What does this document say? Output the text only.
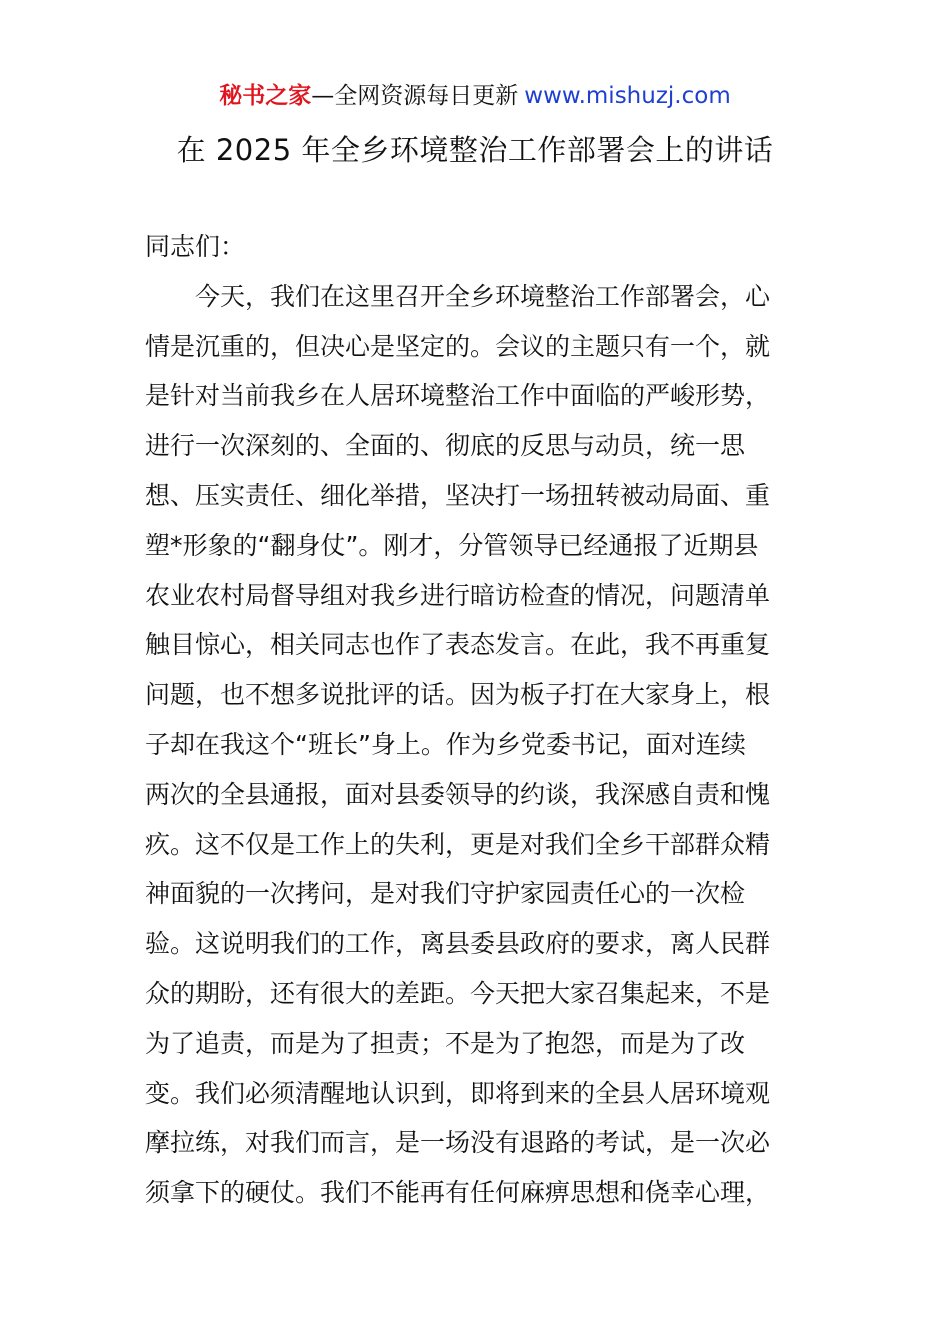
秘书之家—全网资源每日更新 www.mishuzj.com
在 2025 年全乡环境整治工作部署会上的讲话
同志们：
　　今天，我们在这里召开全乡环境整治工作部署会，心
情是沉重的，但决心是坚定的。会议的主题只有一个，就
是针对当前我乡在人居环境整治工作中面临的严峻形势，
进行一次深刻的、全面的、彻底的反思与动员，统一思
想、压实责任、细化举措，坚决打一场扭转被动局面、重
塑*形象的“翻身仗”。刚才，分管领导已经通报了近期县
农业农村局督导组对我乡进行暗访检查的情况，问题清单
触目惊心，相关同志也作了表态发言。在此，我不再重复
问题，也不想多说批评的话。因为板子打在大家身上，根
子却在我这个“班长”身上。作为乡党委书记，面对连续
两次的全县通报，面对县委领导的约谈，我深感自责和愧
疚。这不仅是工作上的失利，更是对我们全乡干部群众精
神面貌的一次拷问，是对我们守护家园责任心的一次检
验。这说明我们的工作，离县委县政府的要求，离人民群
众的期盼，还有很大的差距。今天把大家召集起来，不是
为了追责，而是为了担责；不是为了抱怨，而是为了改
变。我们必须清醒地认识到，即将到来的全县人居环境观
摩拉练，对我们而言，是一场没有退路的考试，是一次必
须拿下的硬仗。我们不能再有任何麻痹思想和侥幸心理，
